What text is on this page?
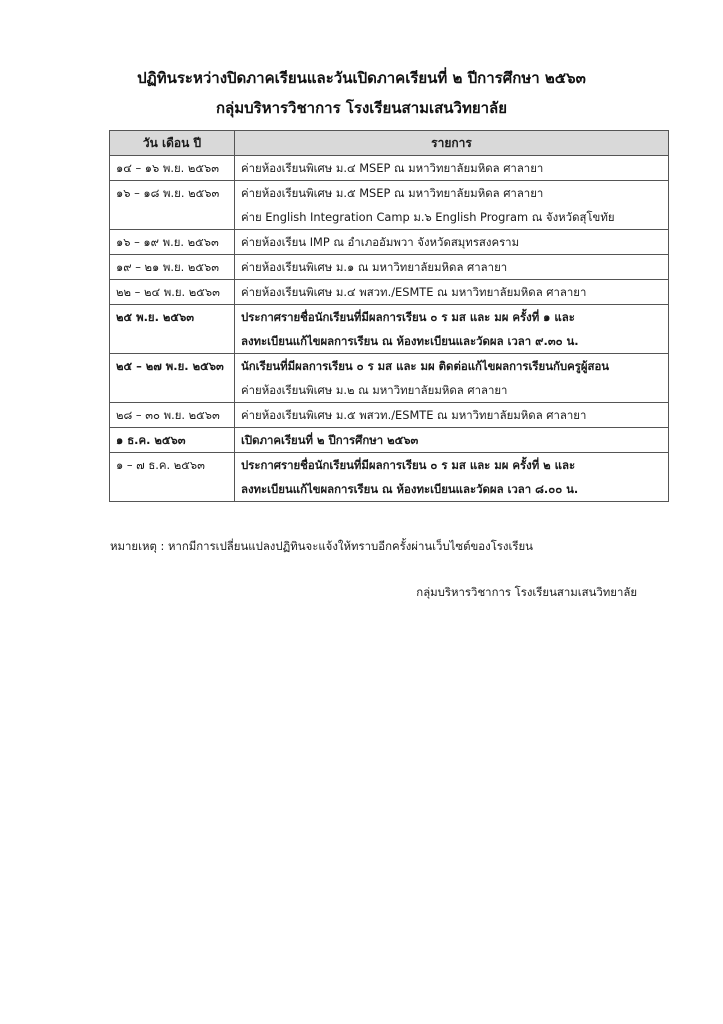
ปฏิทินระหว่างปิดภาคเรียนและวันเปิดภาคเรียนที่ ๒ ปีการศึกษา ๒๕๖๓
กลุ่มบริหารวิชาการ โรงเรียนสามเสนวิทยาลัย
วัน เดือน ปี	รายการ

๑๔ – ๑๖ พ.ย. ๒๕๖๓	ค่ายห้องเรียนพิเศษ ม.๔ MSEP ณ มหาวิทยาลัยมหิดล ศาลายา

๑๖ – ๑๘ พ.ย. ๒๕๖๓	ค่ายห้องเรียนพิเศษ ม.๕ MSEP ณ มหาวิทยาลัยมหิดล ศาลายา
ค่าย English Integration Camp ม.๖ English Program ณ จังหวัดสุโขทัย

๑๖ – ๑๙ พ.ย. ๒๕๖๓	ค่ายห้องเรียน IMP ณ อำเภออัมพวา จังหวัดสมุทรสงคราม

๑๙ – ๒๑ พ.ย. ๒๕๖๓	ค่ายห้องเรียนพิเศษ ม.๑ ณ มหาวิทยาลัยมหิดล ศาลายา

๒๒ – ๒๔ พ.ย. ๒๕๖๓	ค่ายห้องเรียนพิเศษ ม.๔ พสวท./ESMTE ณ มหาวิทยาลัยมหิดล ศาลายา

๒๕ พ.ย. ๒๕๖๓	ประกาศรายชื่อนักเรียนที่มีผลการเรียน ๐ ร มส และ มผ ครั้งที่ ๑ และ
ลงทะเบียนแก้ไขผลการเรียน ณ ห้องทะเบียนและวัดผล เวลา ๙.๓๐ น.

๒๕ – ๒๗ พ.ย. ๒๕๖๓	นักเรียนที่มีผลการเรียน ๐ ร มส และ มผ ติดต่อแก้ไขผลการเรียนกับครูผู้สอน
ค่ายห้องเรียนพิเศษ ม.๒ ณ มหาวิทยาลัยมหิดล ศาลายา

๒๘ – ๓๐ พ.ย. ๒๕๖๓	ค่ายห้องเรียนพิเศษ ม.๕ พสวท./ESMTE ณ มหาวิทยาลัยมหิดล ศาลายา

๑ ธ.ค. ๒๕๖๓	เปิดภาคเรียนที่ ๒ ปีการศึกษา ๒๕๖๓

๑ – ๗ ธ.ค. ๒๕๖๓	ประกาศรายชื่อนักเรียนที่มีผลการเรียน ๐ ร มส และ มผ ครั้งที่ ๒ และ
ลงทะเบียนแก้ไขผลการเรียน ณ ห้องทะเบียนและวัดผล เวลา ๘.๐๐ น.
หมายเหตุ : หากมีการเปลี่ยนแปลงปฏิทินจะแจ้งให้ทราบอีกครั้งผ่านเว็บไซต์ของโรงเรียน
กลุ่มบริหารวิชาการ โรงเรียนสามเสนวิทยาลัย
